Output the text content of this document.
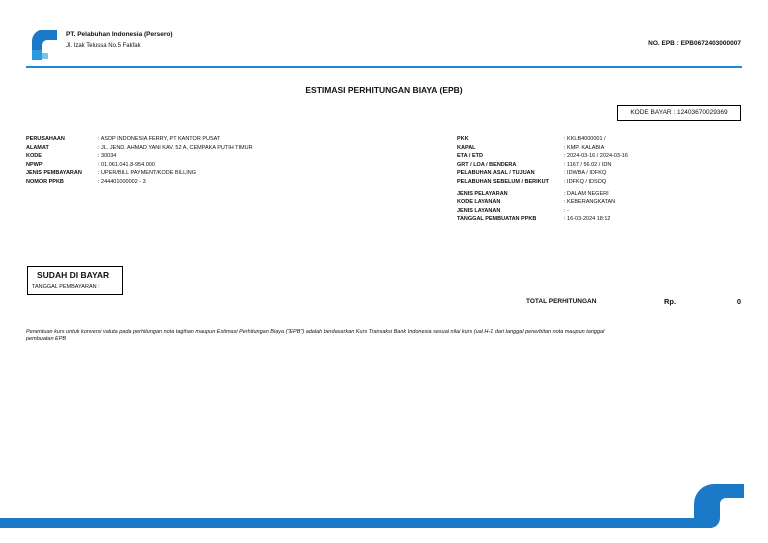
PT. Pelabuhan Indonesia (Persero)
Jl. Izak Telussa No.5 Fakfak	NO. EPB : EPB0672403000007
ESTIMASI PERHITUNGAN BIAYA (EPB)
KODE BAYAR : 12403670029369
PERUSAHAAN	: ASDP INDONESIA FERRY, PT KANTOR PUSAT
ALAMAT	: JL. JEND. AHMAD YANI KAV. 52 A, CEMPAKA PUTIH TIMUR
KODE	: 30034
NPWP	: 01.061.041.8-954.000
JENIS PEMBAYARAN	: UPER/BILL PAYMENT/KODE BILLING
NOMOR PPKB	: 244401000002 - 3
PKK	: KKLB4000001 /
KAPAL	: KMP. KALABIA
ETA / ETD	: 2024-03-16 / 2024-03-16
GRT / LOA / BENDERA	: 1167 / 56.02 / IDN
PELABUHAN ASAL / TUJUAN	: IDWBA / IDFKQ
PELABUHAN SEBELUM / BERIKUT	: IDFKQ / IDSOQ
JENIS PELAYARAN	: DALAM NEGERI
KODE LAYANAN	: KEBERANGKATAN
JENIS LAYANAN	: -
TANGGAL PEMBUATAN PPKB	: 16-03-2024 18:12
SUDAH DI BAYAR
TANGGAL PEMBAYARAN :
TOTAL PERHITUNGAN	Rp.	0
Penentuan kurs untuk konversi valuta pada perhitungan nota tagihan maupun Estimasi Perhitungan Biaya ("EPB") adalah berdasarkan Kurs Transaksi Bank Indonesia sesuai nilai kurs (ual H-1 dari tanggal penerbitan nota maupun tanggal pembuatan EPB
